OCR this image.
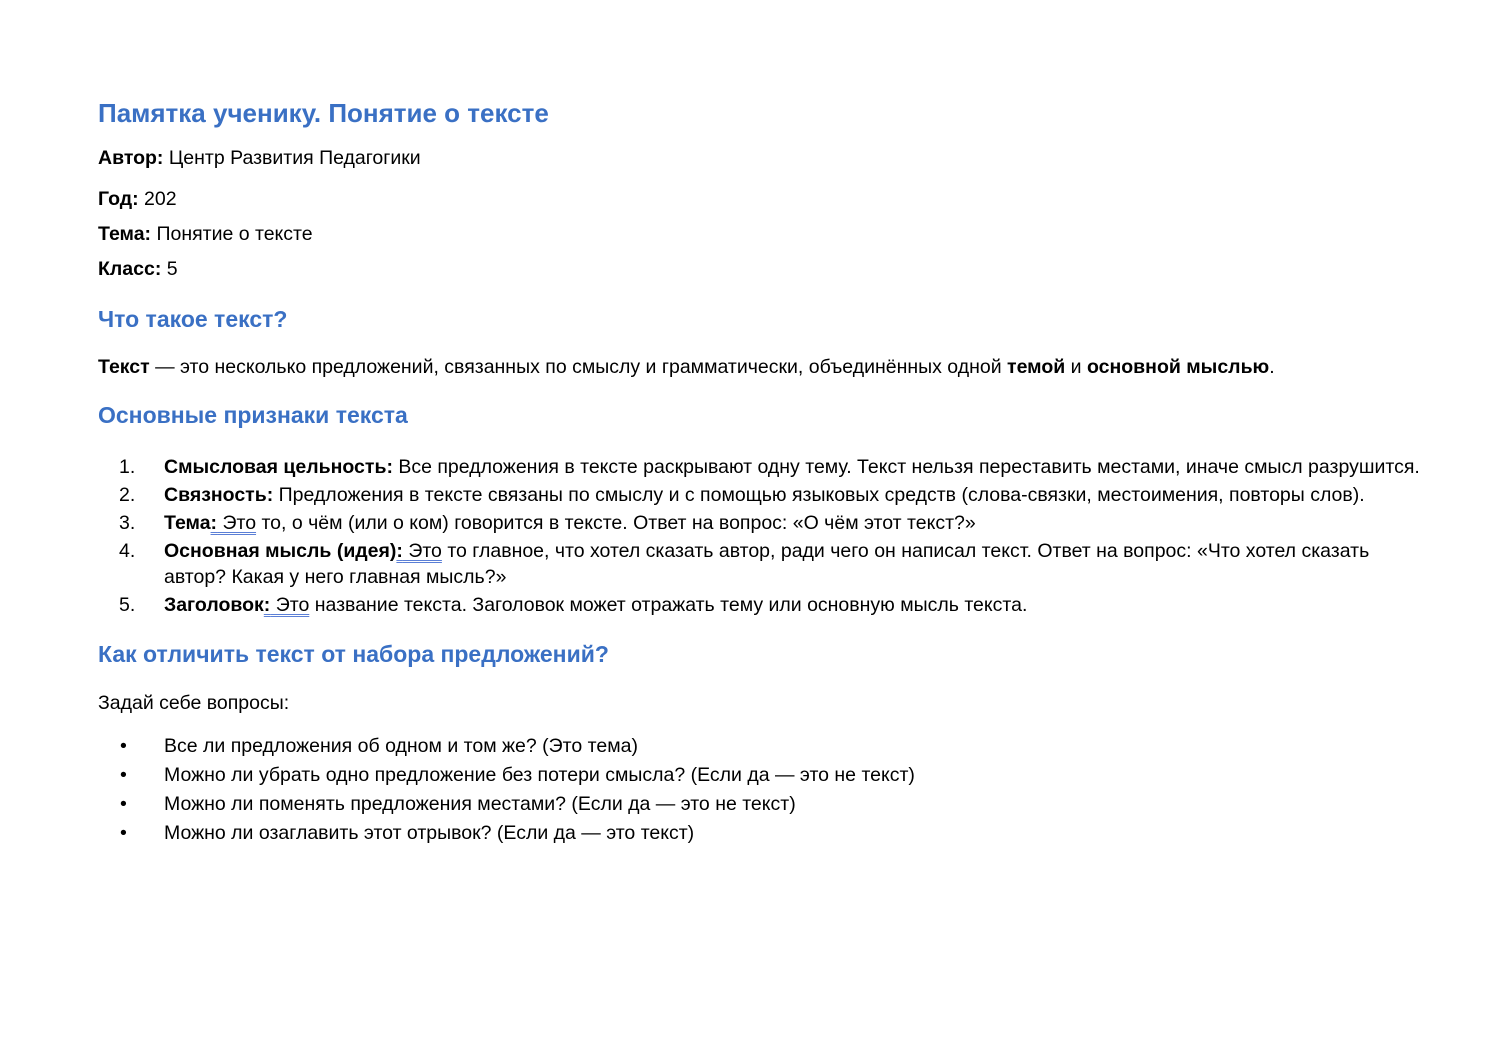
Памятка ученику. Понятие о тексте

Автор: Центр Развития Педагогики

Год: 202

Тема: Понятие о тексте

Класс: 5

Что такое текст?

Текст — это несколько предложений, связанных по смыслу и грамматически, объединённых одной темой и основной мыслью.

Основные признаки текста
1. Смысловая цельность: Все предложения в тексте раскрывают одну тему. Текст нельзя переставить местами, иначе смысл разрушится.
2. Связность: Предложения в тексте связаны по смыслу и с помощью языковых средств (слова-связки, местоимения, повторы слов).
3. Тема: Это то, о чём (или о ком) говорится в тексте. Ответ на вопрос: «О чём этот текст?»
4. Основная мысль (идея): Это то главное, что хотел сказать автор, ради чего он написал текст. Ответ на вопрос: «Что хотел сказать автор? Какая у него главная мысль?»
5. Заголовок: Это название текста. Заголовок может отражать тему или основную мысль текста.
Как отличить текст от набора предложений?

Задай себе вопросы:

• Все ли предложения об одном и том же? (Это тема)
• Можно ли убрать одно предложение без потери смысла? (Если да — это не текст)
• Можно ли поменять предложения местами? (Если да — это не текст)
• Можно ли озаглавить этот отрывок? (Если да — это текст)
